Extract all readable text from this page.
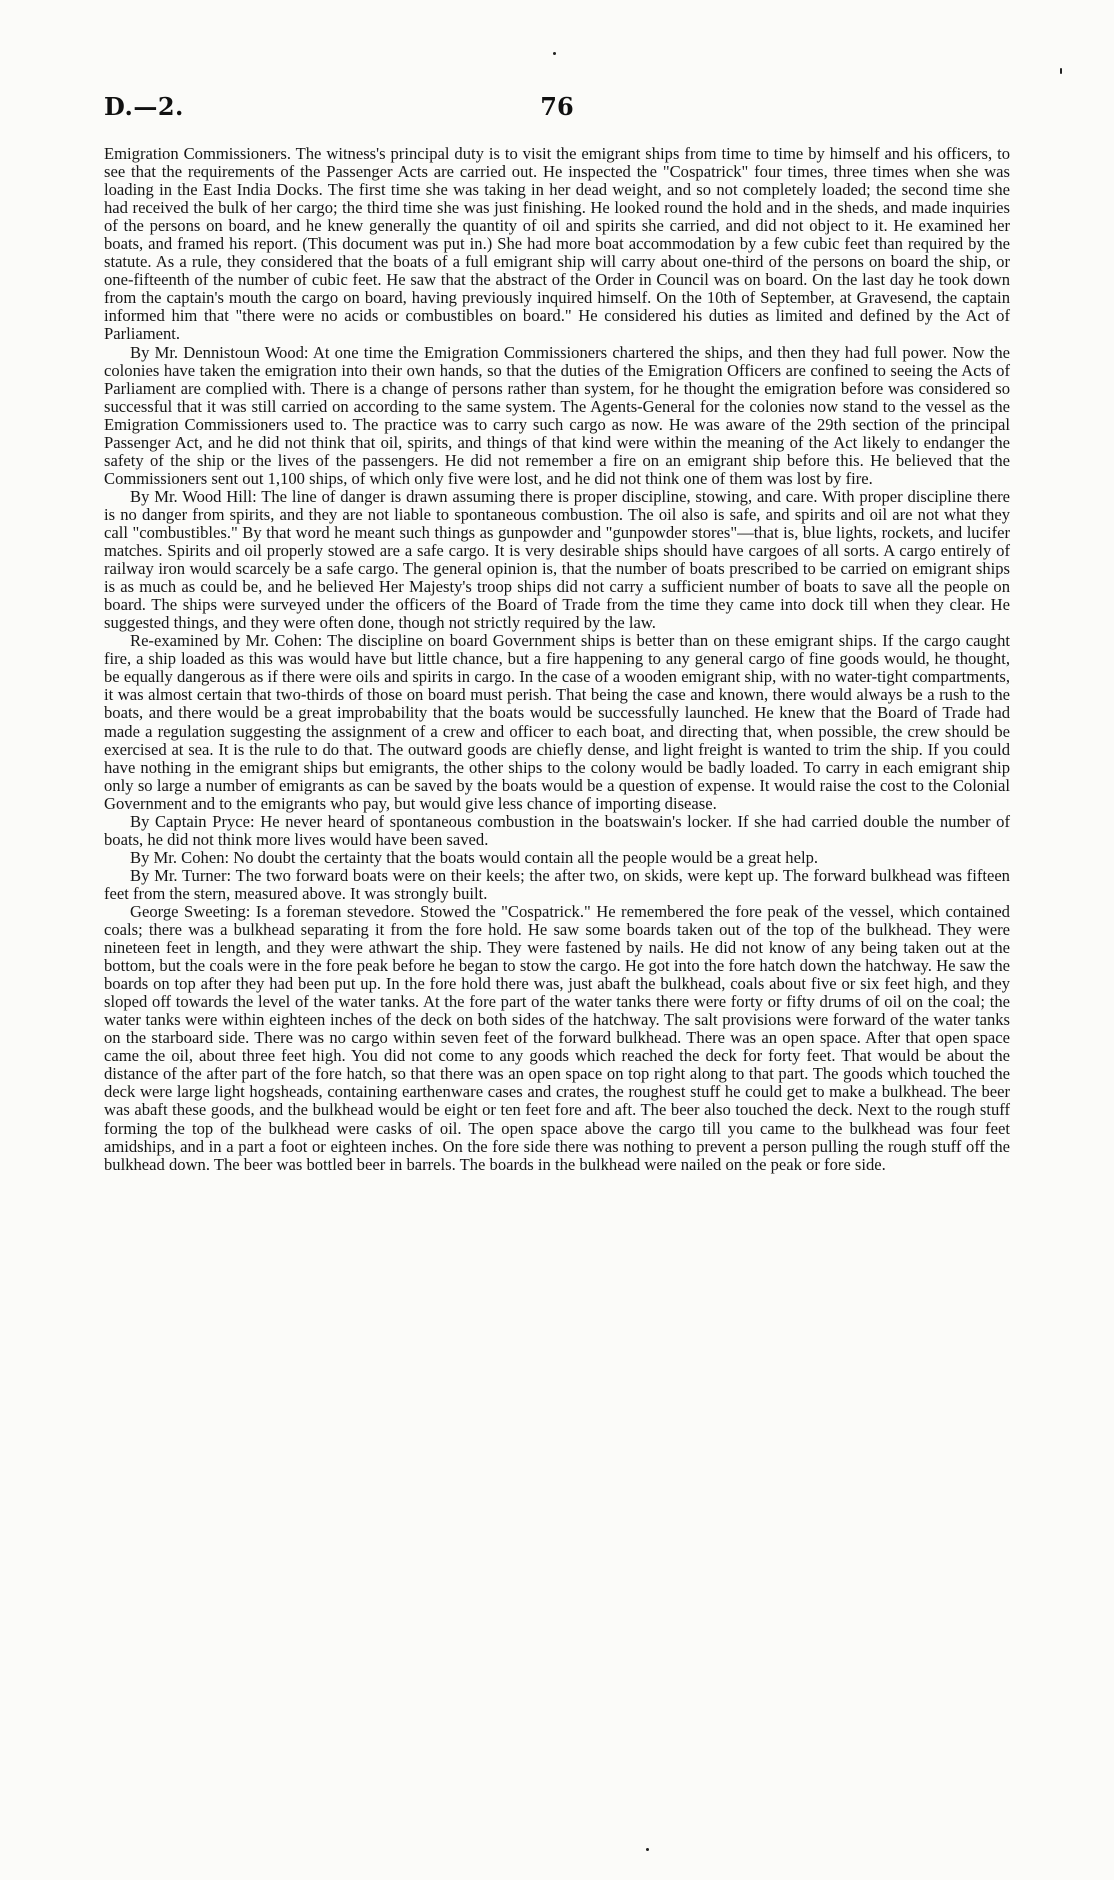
D.—2.	76

Emigration Commissioners. The witness's principal duty is to visit the emigrant ships from time to time by himself and his officers, to see that the requirements of the Passenger Acts are carried out. He inspected the "Cospatrick" four times, three times when she was loading in the East India Docks. The first time she was taking in her dead weight, and so not completely loaded; the second time she had received the bulk of her cargo; the third time she was just finishing. He looked round the hold and in the sheds, and made inquiries of the persons on board, and he knew generally the quantity of oil and spirits she carried, and did not object to it. He examined her boats, and framed his report. (This document was put in.) She had more boat accommodation by a few cubic feet than required by the statute. As a rule, they considered that the boats of a full emigrant ship will carry about one-third of the persons on board the ship, or one-fifteenth of the number of cubic feet. He saw that the abstract of the Order in Council was on board. On the last day he took down from the captain's mouth the cargo on board, having previously inquired himself. On the 10th of September, at Gravesend, the captain informed him that "there were no acids or combustibles on board." He considered his duties as limited and defined by the Act of Parliament.

By Mr. Dennistoun Wood: At one time the Emigration Commissioners chartered the ships, and then they had full power. Now the colonies have taken the emigration into their own hands, so that the duties of the Emigration Officers are confined to seeing the Acts of Parliament are complied with. There is a change of persons rather than system, for he thought the emigration before was considered so successful that it was still carried on according to the same system. The Agents-General for the colonies now stand to the vessel as the Emigration Commissioners used to. The practice was to carry such cargo as now. He was aware of the 29th section of the principal Passenger Act, and he did not think that oil, spirits, and things of that kind were within the meaning of the Act likely to endanger the safety of the ship or the lives of the passengers. He did not remember a fire on an emigrant ship before this. He believed that the Commissioners sent out 1,100 ships, of which only five were lost, and he did not think one of them was lost by fire.

By Mr. Wood Hill: The line of danger is drawn assuming there is proper discipline, stowing, and care. With proper discipline there is no danger from spirits, and they are not liable to spontaneous combustion. The oil also is safe, and spirits and oil are not what they call "combustibles." By that word he meant such things as gunpowder and "gunpowder stores"—that is, blue lights, rockets, and lucifer matches. Spirits and oil properly stowed are a safe cargo. It is very desirable ships should have cargoes of all sorts. A cargo entirely of railway iron would scarcely be a safe cargo. The general opinion is, that the number of boats prescribed to be carried on emigrant ships is as much as could be, and he believed Her Majesty's troop ships did not carry a sufficient number of boats to save all the people on board. The ships were surveyed under the officers of the Board of Trade from the time they came into dock till when they clear. He suggested things, and they were often done, though not strictly required by the law.

Re-examined by Mr. Cohen: The discipline on board Government ships is better than on these emigrant ships. If the cargo caught fire, a ship loaded as this was would have but little chance, but a fire happening to any general cargo of fine goods would, he thought, be equally dangerous as if there were oils and spirits in cargo. In the case of a wooden emigrant ship, with no water-tight compartments, it was almost certain that two-thirds of those on board must perish. That being the case and known, there would always be a rush to the boats, and there would be a great improbability that the boats would be successfully launched. He knew that the Board of Trade had made a regulation suggesting the assignment of a crew and officer to each boat, and directing that, when possible, the crew should be exercised at sea. It is the rule to do that. The outward goods are chiefly dense, and light freight is wanted to trim the ship. If you could have nothing in the emigrant ships but emigrants, the other ships to the colony would be badly loaded. To carry in each emigrant ship only so large a number of emigrants as can be saved by the boats would be a question of expense. It would raise the cost to the Colonial Government and to the emigrants who pay, but would give less chance of importing disease.

By Captain Pryce: He never heard of spontaneous combustion in the boatswain's locker. If she had carried double the number of boats, he did not think more lives would have been saved.

By Mr. Cohen: No doubt the certainty that the boats would contain all the people would be a great help.

By Mr. Turner: The two forward boats were on their keels; the after two, on skids, were kept up. The forward bulkhead was fifteen feet from the stern, measured above. It was strongly built.

George Sweeting: Is a foreman stevedore. Stowed the "Cospatrick." He remembered the fore peak of the vessel, which contained coals; there was a bulkhead separating it from the fore hold. He saw some boards taken out of the top of the bulkhead. They were nineteen feet in length, and they were athwart the ship. They were fastened by nails. He did not know of any being taken out at the bottom, but the coals were in the fore peak before he began to stow the cargo. He got into the fore hatch down the hatchway. He saw the boards on top after they had been put up. In the fore hold there was, just abaft the bulkhead, coals about five or six feet high, and they sloped off towards the level of the water tanks. At the fore part of the water tanks there were forty or fifty drums of oil on the coal; the water tanks were within eighteen inches of the deck on both sides of the hatchway. The salt provisions were forward of the water tanks on the starboard side. There was no cargo within seven feet of the forward bulkhead. There was an open space. After that open space came the oil, about three feet high. You did not come to any goods which reached the deck for forty feet. That would be about the distance of the after part of the fore hatch, so that there was an open space on top right along to that part. The goods which touched the deck were large light hogsheads, containing earthenware cases and crates, the roughest stuff he could get to make a bulkhead. The beer was abaft these goods, and the bulkhead would be eight or ten feet fore and aft. The beer also touched the deck. Next to the rough stuff forming the top of the bulkhead were casks of oil. The open space above the cargo till you came to the bulkhead was four feet amidships, and in a part a foot or eighteen inches. On the fore side there was nothing to prevent a person pulling the rough stuff off the bulkhead down. The beer was bottled beer in barrels. The boards in the bulkhead were nailed on the peak or fore side.
